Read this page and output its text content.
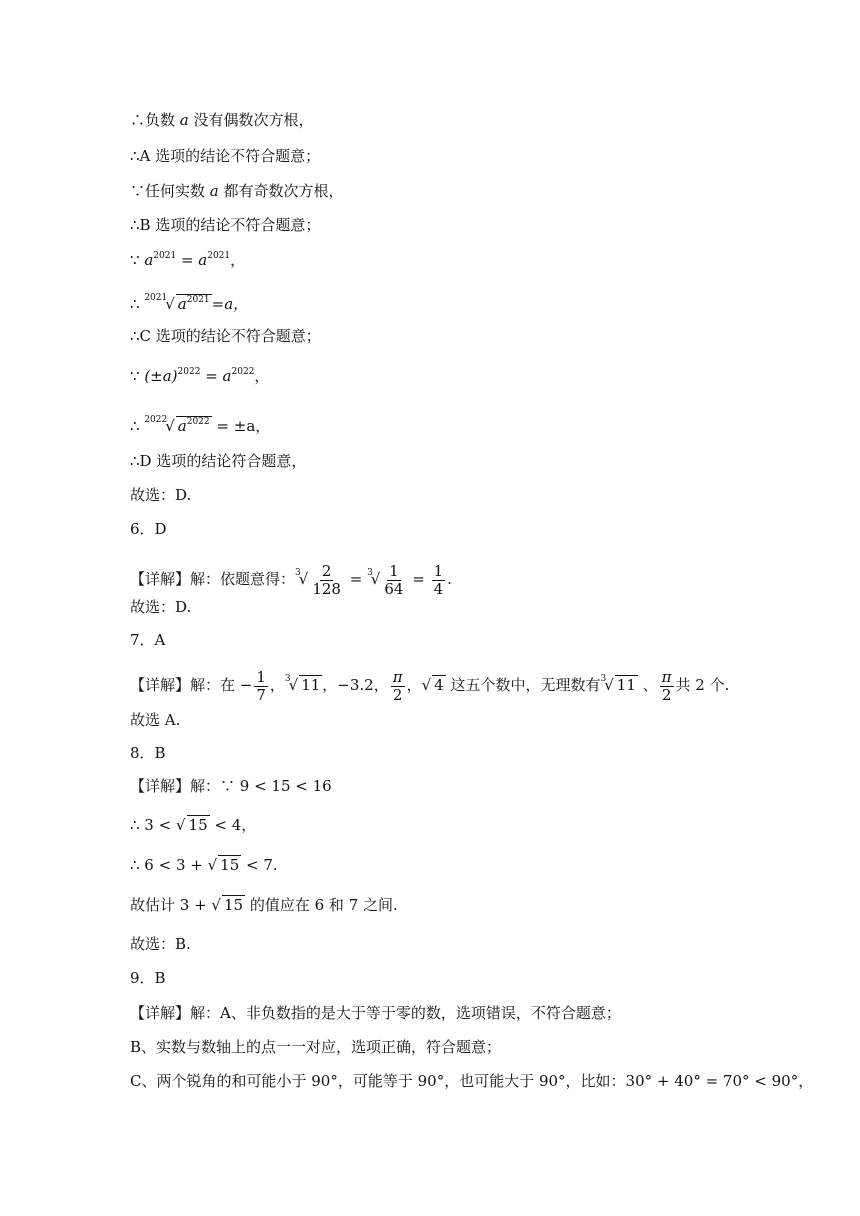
∴负数 a 没有偶数次方根，
∴A 选项的结论不符合题意；
∵任何实数 a 都有奇数次方根，
∴B 选项的结论不符合题意；
∵ $a^{2021} = a^{2021}$，
∴ $^{2021}$√ $a^{2021} =a$，
∴C 选项的结论不符合题意；
∵ $(\pm a)^{2022} = a^{2022}$，
∴ $^{2022}$√ $a^{2022} = \pm a$，
∴D 选项的结论符合题意，
故选：D.
6．D
【详解】解：依题意得：$^3√ \frac{2}{128} = ^3√ \frac{1}{64} = \frac{1}{4}$ .
故选：D.
7．A
【详解】解：在 − $\frac{1}{7}$ ，$^3$√ 11 ，−3.2， $\frac{\pi}{2}$ ，√ 4 这五个数中，无理数有$^3$√ 11 、 $\frac{\pi}{2}$ 共 2 个.
故选 A.
8．B
【详解】解：∵ 9 < 15 < 16
∴ 3 < √ 15 < 4，
∴ 6 < 3 + √ 15 < 7.
故估计 3 + √ 15 的值应在 6 和 7 之间.
故选：B.
9．B
【详解】解：A、非负数指的是大于等于零的数，选项错误，不符合题意；
B、实数与数轴上的点一一对应，选项正确，符合题意；
C、两个锐角的和可能小于 90°，可能等于 90°，也可能大于 90°，比如：30° + 40° = 70° < 90°，
